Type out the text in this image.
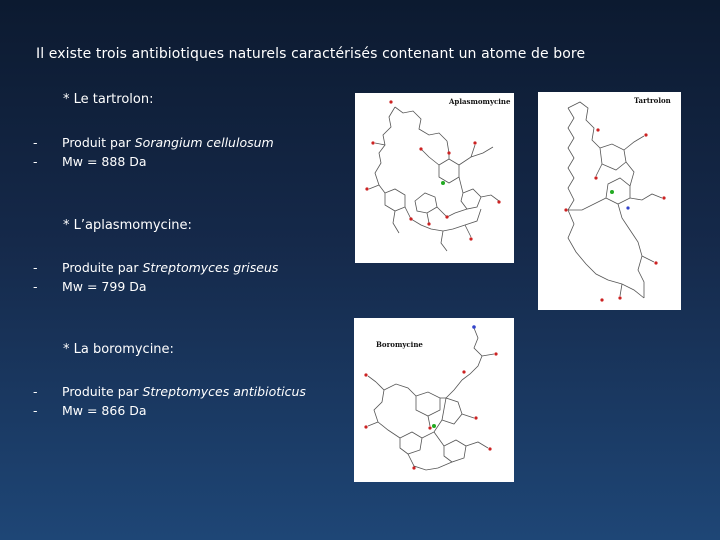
Il existe trois antibiotiques naturels caractérisés contenant un atome de bore
* Le tartrolon:
- Produit par Sorangium cellulosum
- Mw = 888 Da
* L’aplasmomycine:
- Produite par Streptomyces griseus
- Mw = 799 Da
* La boromycine:
- Produite par Streptomyces antibioticus
- Mw = 866 Da
Aplasmomycine	Tartrolon
Boromycine
